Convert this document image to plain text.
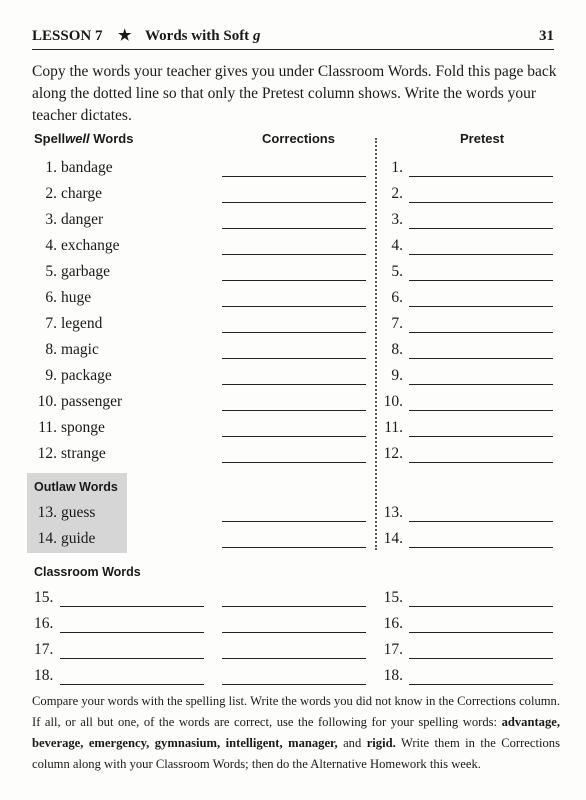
LESSON 7 ★ Words with Soft g	31
Copy the words your teacher gives you under Classroom Words. Fold this page back along the dotted line so that only the Pretest column shows. Write the words your teacher dictates.
Spellwell Words	Corrections	Pretest
1. bandage	1.
2. charge	2.
3. danger	3.
4. exchange	4.
5. garbage	5.
6. huge	6.
7. legend	7.
8. magic	8.
9. package	9.
10. passenger	10.
11. sponge	11.
12. strange	12.
Outlaw Words
13. guess	13.
14. guide	14.
Classroom Words
15.	15.
16.	16.
17.	17.
18.	18.
Compare your words with the spelling list. Write the words you did not know in the Corrections column. If all, or all but one, of the words are correct, use the following for your spelling words: advantage, beverage, emergency, gymnasium, intelligent, manager, and rigid. Write them in the Corrections column along with your Classroom Words; then do the Alternative Homework this week.
